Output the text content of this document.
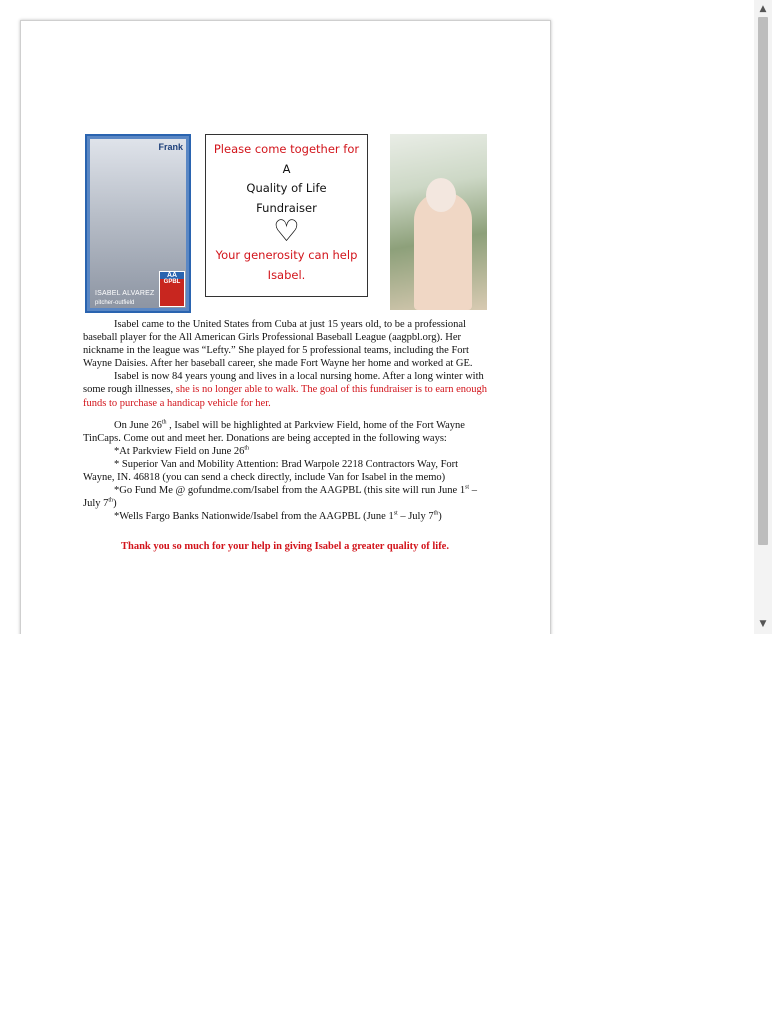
Frank
ISABEL ALVAREZ
pitcher-outfield
AA
GPBL
Please come together for
A
Quality of Life
Fundraiser
♡
Your generosity can help
Isabel.

Isabel came to the United States from Cuba at just 15 years old, to be a professional baseball player for the All American Girls Professional Baseball League (aagpbl.org). Her nickname in the league was “Lefty.” She played for 5 professional teams, including the Fort Wayne Daisies. After her baseball career, she made Fort Wayne her home and worked at GE.

Isabel is now 84 years young and lives in a local nursing home. After a long winter with some rough illnesses, she is no longer able to walk. The goal of this fundraiser is to earn enough funds to purchase a handicap vehicle for her.

On June 26th , Isabel will be highlighted at Parkview Field, home of the Fort Wayne TinCaps. Come out and meet her. Donations are being accepted in the following ways:

*At Parkview Field on June 26th

* Superior Van and Mobility Attention: Brad Warpole 2218 Contractors Way, Fort Wayne, IN. 46818 (you can send a check directly, include Van for Isabel in the memo)

*Go Fund Me @ gofundme.com/Isabel from the AAGPBL (this site will run June 1st – July 7th)

*Wells Fargo Banks Nationwide/Isabel from the AAGPBL (June 1st – July 7th)

Thank you so much for your help in giving Isabel a greater quality of life.

▲
▼
